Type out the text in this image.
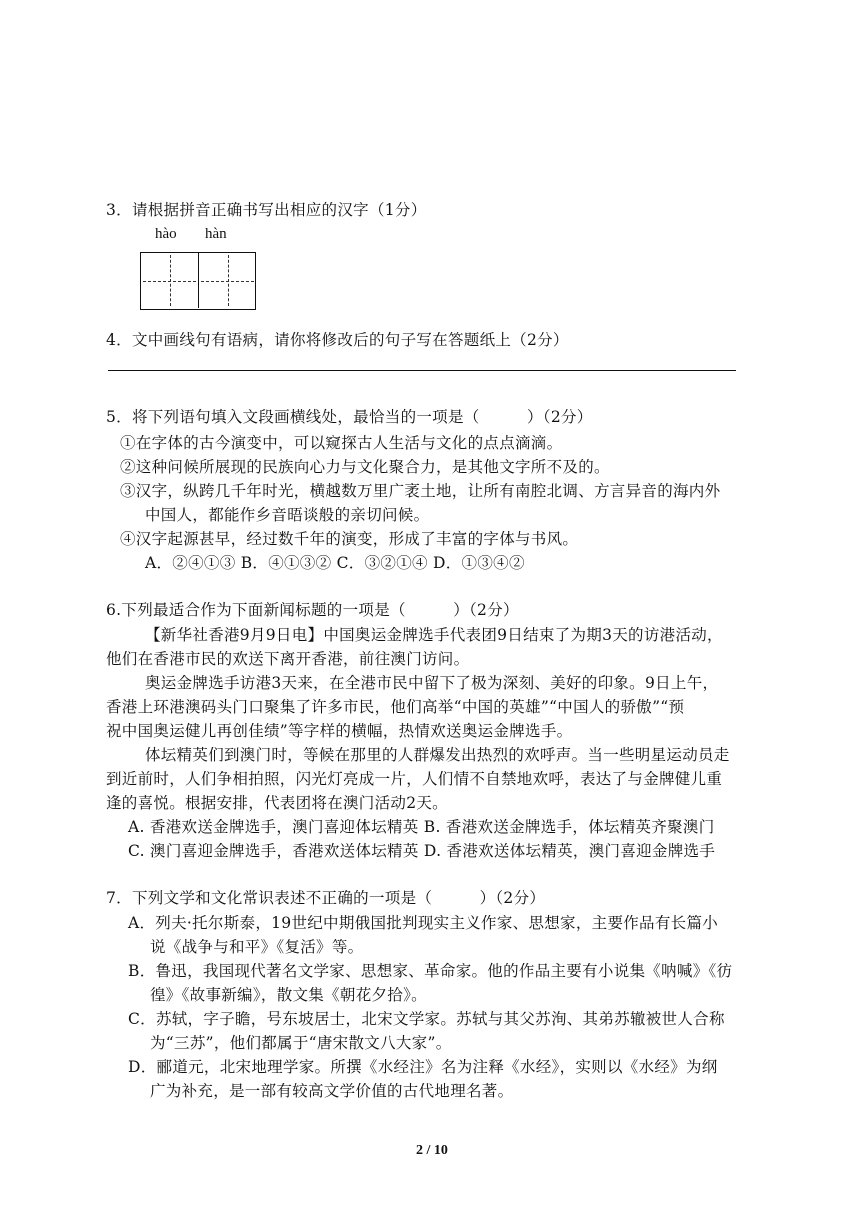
3．请根据拼音正确书写出相应的汉字（1分）
hào hàn
4．文中画线句有语病，请你将修改后的句子写在答题纸上（2分）
5．将下列语句填入文段画横线处，最恰当的一项是（　　　）（2分）
①在字体的古今演变中，可以窥探古人生活与文化的点点滴滴。
②这种问候所展现的民族向心力与文化聚合力，是其他文字所不及的。
③汉字，纵跨几千年时光，横越数万里广袤土地，让所有南腔北调、方言异音的海内外
中国人，都能作乡音晤谈般的亲切问候。
④汉字起源甚早，经过数千年的演变，形成了丰富的字体与书风。
A．②④①③ B．④①③② C．③②①④ D．①③④②
6.下列最适合作为下面新闻标题的一项是（　　　）（2分）
【新华社香港9月9日电】中国奥运金牌选手代表团9日结束了为期3天的访港活动，
他们在香港市民的欢送下离开香港，前往澳门访问。
奥运金牌选手访港3天来，在全港市民中留下了极为深刻、美好的印象。9日上午，
香港上环港澳码头门口聚集了许多市民，他们高举“中国的英雄”“中国人的骄傲”“预
祝中国奥运健儿再创佳绩”等字样的横幅，热情欢送奥运金牌选手。
体坛精英们到澳门时，等候在那里的人群爆发出热烈的欢呼声。当一些明星运动员走
到近前时，人们争相拍照，闪光灯亮成一片，人们情不自禁地欢呼，表达了与金牌健儿重
逢的喜悦。根据安排，代表团将在澳门活动2天。
A. 香港欢送金牌选手，澳门喜迎体坛精英 B. 香港欢送金牌选手，体坛精英齐聚澳门
C. 澳门喜迎金牌选手，香港欢送体坛精英 D. 香港欢送体坛精英，澳门喜迎金牌选手
7．下列文学和文化常识表述不正确的一项是（　　　）（2分）
A．列夫·托尔斯泰，19世纪中期俄国批判现实主义作家、思想家，主要作品有长篇小
说《战争与和平》《复活》等。
B．鲁迅，我国现代著名文学家、思想家、革命家。他的作品主要有小说集《呐喊》《彷
徨》《故事新编》，散文集《朝花夕拾》。
C．苏轼，字子瞻，号东坡居士，北宋文学家。苏轼与其父苏洵、其弟苏辙被世人合称
为“三苏”，他们都属于“唐宋散文八大家”。
D．郦道元，北宋地理学家。所撰《水经注》名为注释《水经》，实则以《水经》为纲
广为补充，是一部有较高文学价值的古代地理名著。
2 / 10
